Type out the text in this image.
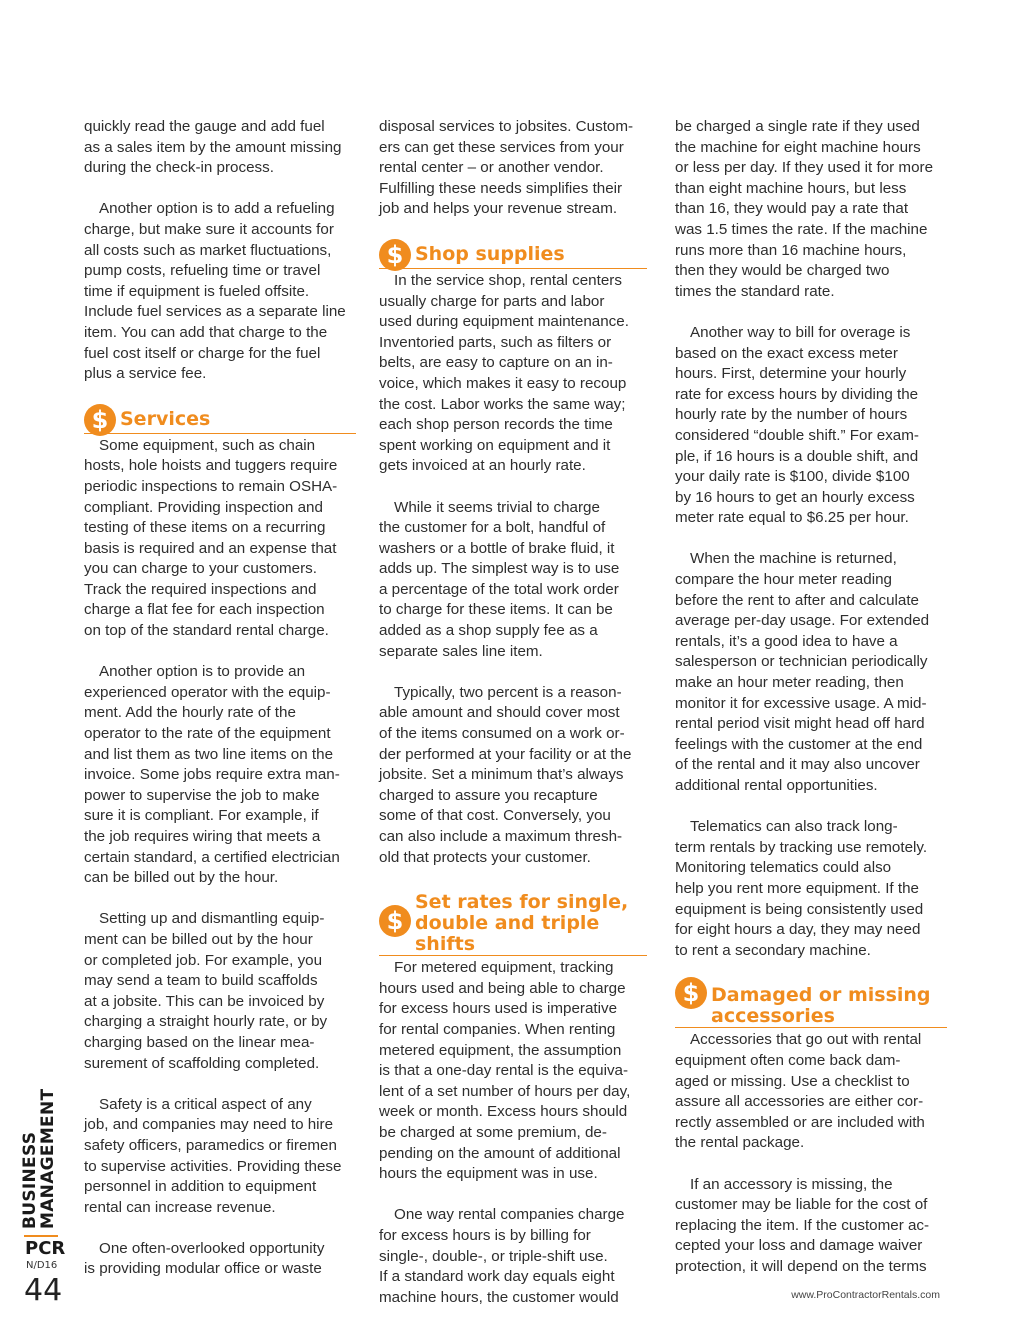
quickly read the gauge and add fuel
as a sales item by the amount missing
during the check-in process.

Another option is to add a refueling
charge, but make sure it accounts for
all costs such as market fluctuations,
pump costs, refueling time or travel
time if equipment is fueled offsite.
Include fuel services as a separate line
item. You can add that charge to the
fuel cost itself or charge for the fuel
plus a service fee.

$ Services

Some equipment, such as chain
hosts, hole hoists and tuggers require
periodic inspections to remain OSHA-
compliant. Providing inspection and
testing of these items on a recurring
basis is required and an expense that
you can charge to your customers.
Track the required inspections and
charge a flat fee for each inspection
on top of the standard rental charge.

Another option is to provide an
experienced operator with the equip-
ment. Add the hourly rate of the
operator to the rate of the equipment
and list them as two line items on the
invoice. Some jobs require extra man-
power to supervise the job to make
sure it is compliant. For example, if
the job requires wiring that meets a
certain standard, a certified electrician
can be billed out by the hour.

Setting up and dismantling equip-
ment can be billed out by the hour
or completed job. For example, you
may send a team to build scaffolds
at a jobsite. This can be invoiced by
charging a straight hourly rate, or by
charging based on the linear mea-
surement of scaffolding completed.

Safety is a critical aspect of any
job, and companies may need to hire
safety officers, paramedics or firemen
to supervise activities. Providing these
personnel in addition to equipment
rental can increase revenue.

One often-overlooked opportunity
is providing modular office or waste

disposal services to jobsites. Custom-
ers can get these services from your
rental center – or another vendor.
Fulfilling these needs simplifies their
job and helps your revenue stream.

$ Shop supplies

In the service shop, rental centers
usually charge for parts and labor
used during equipment maintenance.
Inventoried parts, such as filters or
belts, are easy to capture on an in-
voice, which makes it easy to recoup
the cost. Labor works the same way;
each shop person records the time
spent working on equipment and it
gets invoiced at an hourly rate.

While it seems trivial to charge
the customer for a bolt, handful of
washers or a bottle of brake fluid, it
adds up. The simplest way is to use
a percentage of the total work order
to charge for these items. It can be
added as a shop supply fee as a
separate sales line item.

Typically, two percent is a reason-
able amount and should cover most
of the items consumed on a work or-
der performed at your facility or at the
jobsite. Set a minimum that’s always
charged to assure you recapture
some of that cost. Conversely, you
can also include a maximum thresh-
old that protects your customer.

$
Set rates for single,
double and triple shifts

For metered equipment, tracking
hours used and being able to charge
for excess hours used is imperative
for rental companies. When renting
metered equipment, the assumption
is that a one-day rental is the equiva-
lent of a set number of hours per day,
week or month. Excess hours should
be charged at some premium, de-
pending on the amount of additional
hours the equipment was in use.

One way rental companies charge
for excess hours is by billing for
single-, double-, or triple-shift use.
If a standard work day equals eight
machine hours, the customer would

be charged a single rate if they used
the machine for eight machine hours
or less per day. If they used it for more
than eight machine hours, but less
than 16, they would pay a rate that
was 1.5 times the rate. If the machine
runs more than 16 machine hours,
then they would be charged two
times the standard rate.

Another way to bill for overage is
based on the exact excess meter
hours. First, determine your hourly
rate for excess hours by dividing the
hourly rate by the number of hours
considered “double shift.” For exam-
ple, if 16 hours is a double shift, and
your daily rate is $100, divide $100
by 16 hours to get an hourly excess
meter rate equal to $6.25 per hour.

When the machine is returned,
compare the hour meter reading
before the rent to after and calculate
average per-day usage. For extended
rentals, it’s a good idea to have a
salesperson or technician periodically
make an hour meter reading, then
monitor it for excessive usage. A mid-
rental period visit might head off hard
feelings with the customer at the end
of the rental and it may also uncover
additional rental opportunities.

Telematics can also track long-
term rentals by tracking use remotely.
Monitoring telematics could also
help you rent more equipment. If the
equipment is being consistently used
for eight hours a day, they may need
to rent a secondary machine.

$ Damaged or missing
accessories

Accessories that go out with rental
equipment often come back dam-
aged or missing. Use a checklist to
assure all accessories are either cor-
rectly assembled or are included with
the rental package.

If an accessory is missing, the
customer may be liable for the cost of
replacing the item. If the customer ac-
cepted your loss and damage waiver
protection, it will depend on the terms

BUSINESS
MANAGEMENT
PCR
N/D16
44	www.ProContractorRentals.com
